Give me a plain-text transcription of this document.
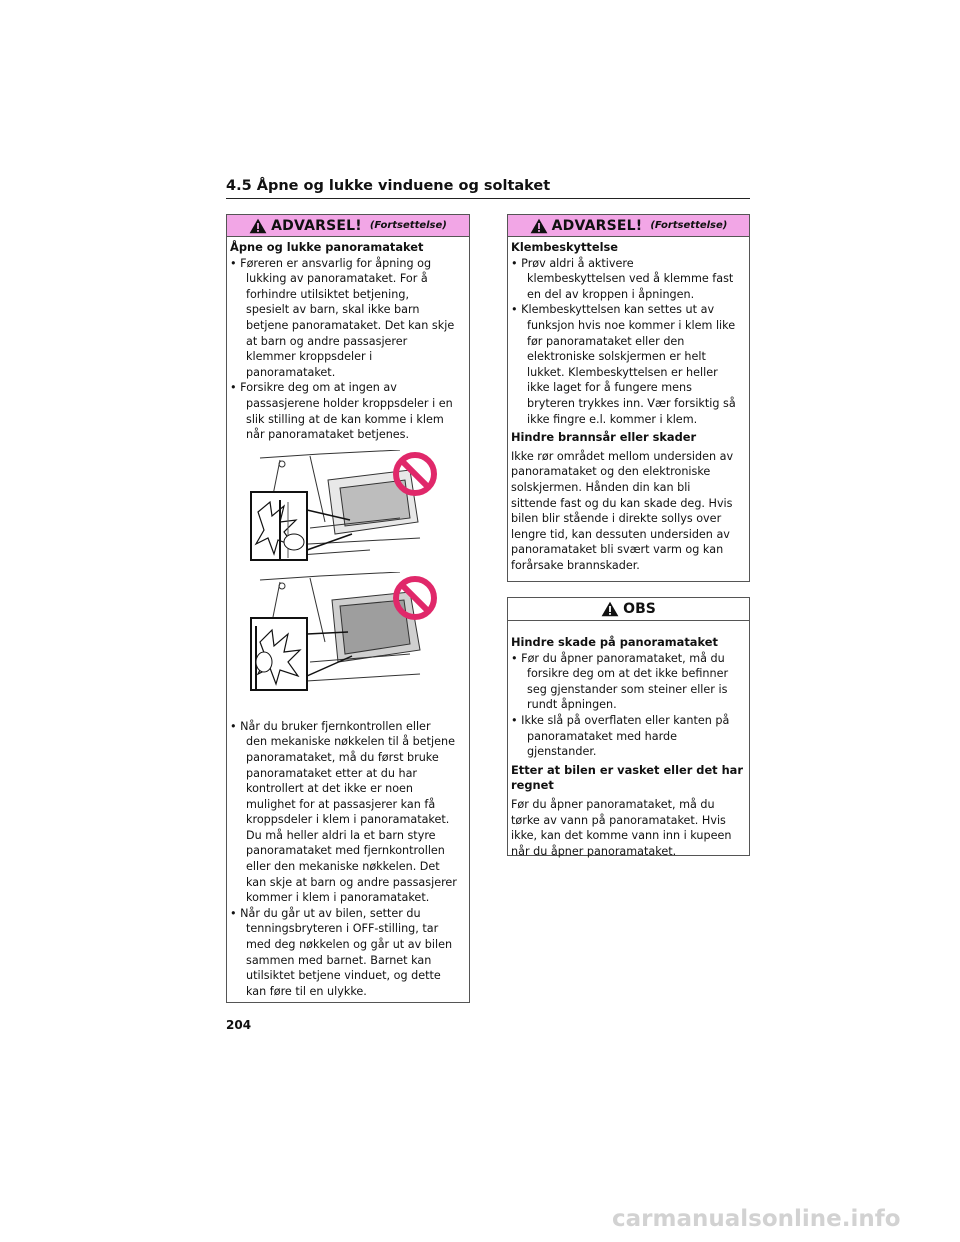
4.5 Åpne og lukke vinduene og soltaket
ADVARSEL! (Fortsettelse)
Åpne og lukke panoramataket
• Føreren er ansvarlig for åpning og
lukking av panoramataket. For å
forhindre utilsiktet betjening,
spesielt av barn, skal ikke barn
betjene panoramataket. Det kan skje
at barn og andre passasjerer
klemmer kroppsdeler i
panoramataket.
• Forsikre deg om at ingen av
passasjerene holder kroppsdeler i en
slik stilling at de kan komme i klem
når panoramataket betjenes.
• Når du bruker fjernkontrollen eller
den mekaniske nøkkelen til å betjene
panoramataket, må du først bruke
panoramataket etter at du har
kontrollert at det ikke er noen
mulighet for at passasjerer kan få
kroppsdeler i klem i panoramataket.
Du må heller aldri la et barn styre
panoramataket med fjernkontrollen
eller den mekaniske nøkkelen. Det
kan skje at barn og andre passasjerer
kommer i klem i panoramataket.
• Når du går ut av bilen, setter du
tenningsbryteren i OFF-stilling, tar
med deg nøkkelen og går ut av bilen
sammen med barnet. Barnet kan
utilsiktet betjene vinduet, og dette
kan føre til en ulykke.
ADVARSEL! (Fortsettelse)
Klembeskyttelse
• Prøv aldri å aktivere
klembeskyttelsen ved å klemme fast
en del av kroppen i åpningen.
• Klembeskyttelsen kan settes ut av
funksjon hvis noe kommer i klem like
før panoramataket eller den
elektroniske solskjermen er helt
lukket. Klembeskyttelsen er heller
ikke laget for å fungere mens
bryteren trykkes inn. Vær forsiktig så
ikke fingre e.l. kommer i klem.
Hindre brannsår eller skader
Ikke rør området mellom undersiden av
panoramataket og den elektroniske
solskjermen. Hånden din kan bli
sittende fast og du kan skade deg. Hvis
bilen blir stående i direkte sollys over
lengre tid, kan dessuten undersiden av
panoramataket bli svært varm og kan
forårsake brannskader.
OBS
Hindre skade på panoramataket
• Før du åpner panoramataket, må du
forsikre deg om at det ikke befinner
seg gjenstander som steiner eller is
rundt åpningen.
• Ikke slå på overflaten eller kanten på
panoramataket med harde
gjenstander.
Etter at bilen er vasket eller det har
regnet
Før du åpner panoramataket, må du
tørke av vann på panoramataket. Hvis
ikke, kan det komme vann inn i kupeen
når du åpner panoramataket.
204
carmanualsonline.info
